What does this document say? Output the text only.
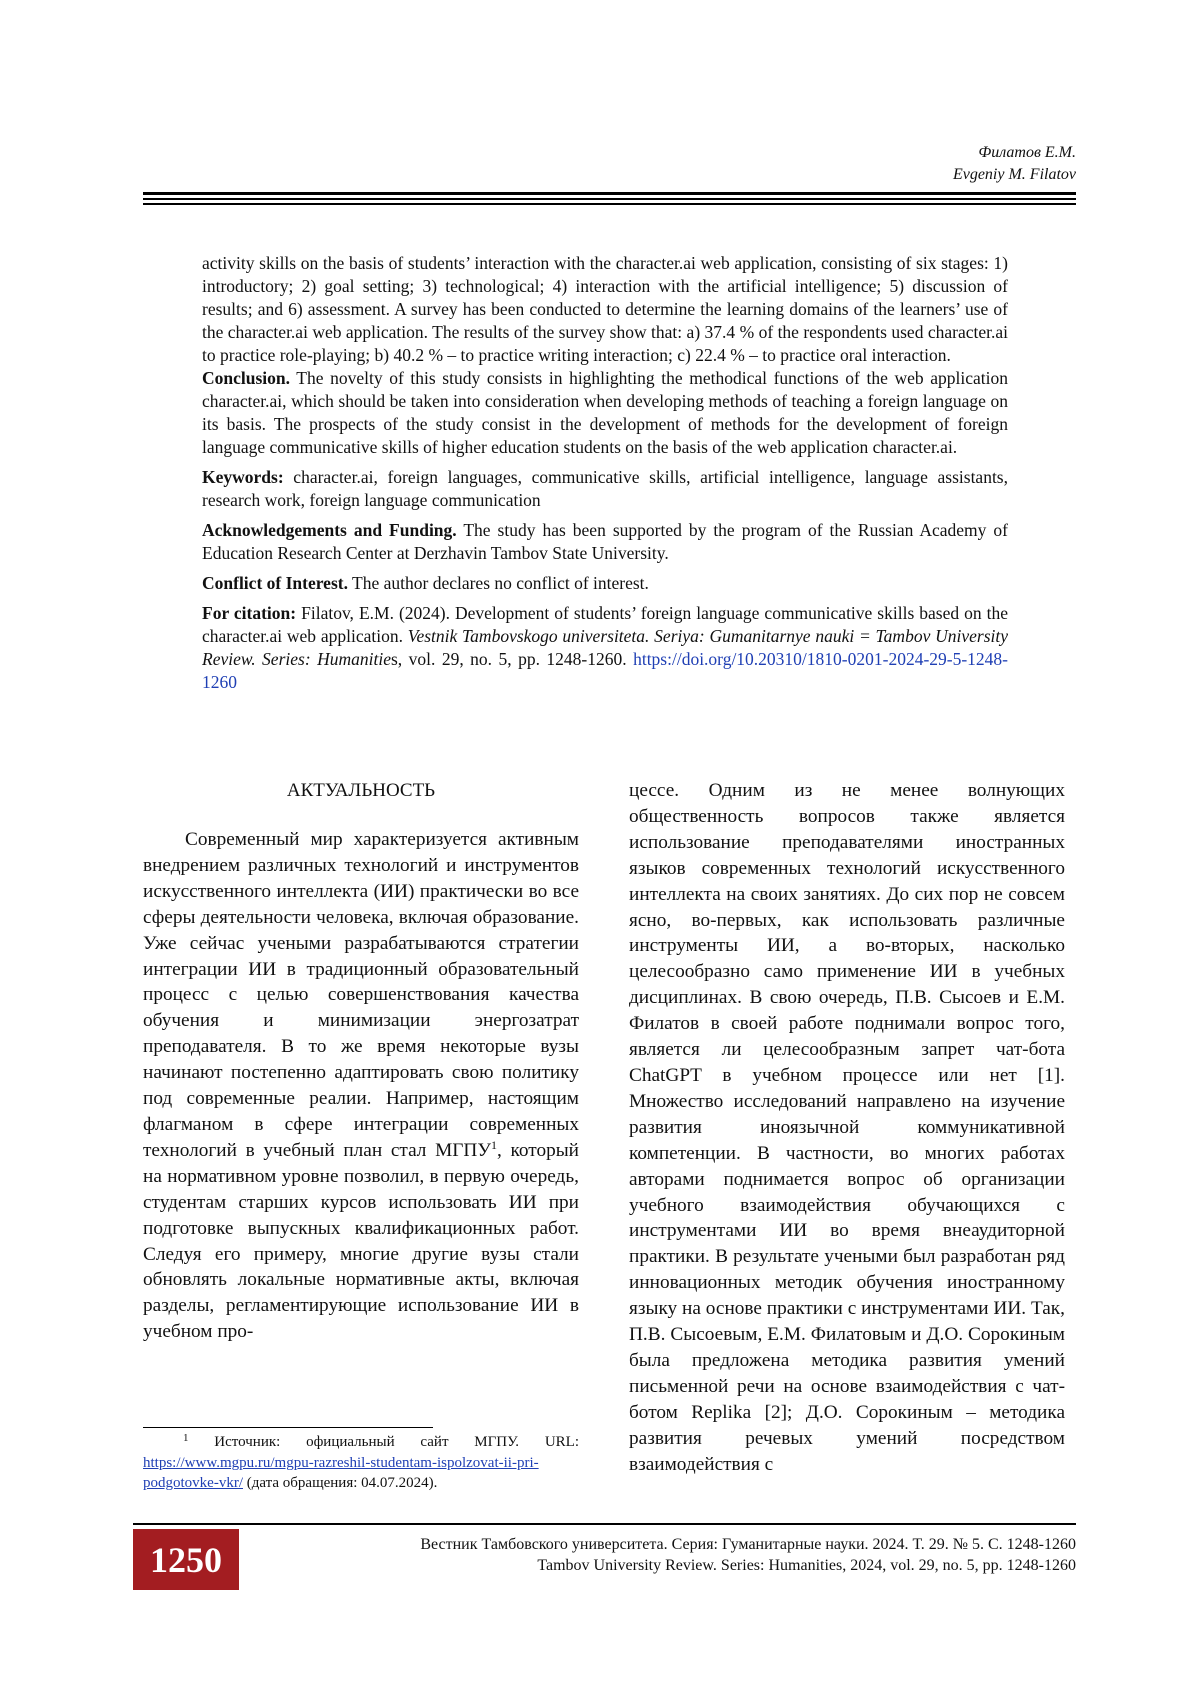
Филатов Е.М.
Evgeniy M. Filatov

activity skills on the basis of students’ interaction with the character.ai web application, consisting of six stages: 1) introductory; 2) goal setting; 3) technological; 4) interaction with the artificial intelligence; 5) discussion of results; and 6) assessment. A survey has been conducted to determine the learning domains of the learners’ use of the character.ai web application. The results of the survey show that: a) 37.4 % of the respondents used character.ai to practice role-playing; b) 40.2 % – to practice writing interaction; c) 22.4 % – to practice oral interaction.

Conclusion. The novelty of this study consists in highlighting the methodical functions of the web application character.ai, which should be taken into consideration when developing methods of teaching a foreign language on its basis. The prospects of the study consist in the development of methods for the development of foreign language communicative skills of higher education students on the basis of the web application character.ai.

Keywords: character.ai, foreign languages, communicative skills, artificial intelligence, language assistants, research work, foreign language communication

Acknowledgements and Funding. The study has been supported by the program of the Russian Academy of Education Research Center at Derzhavin Tambov State University.

Conflict of Interest. The author declares no conflict of interest.

For citation: Filatov, E.M. (2024). Development of students’ foreign language communicative skills based on the character.ai web application. Vestnik Tambovskogo universiteta. Seriya: Gumanitarnye nauki = Tambov University Review. Series: Humanities, vol. 29, no. 5, pp. 1248-1260. https://doi.org/10.20310/1810-0201-2024-29-5-1248-1260

АКТУАЛЬНОСТЬ

Современный мир характеризуется активным внедрением различных технологий и инструментов искусственного интеллекта (ИИ) практически во все сферы деятельности человека, включая образование. Уже сейчас учеными разрабатываются стратегии интеграции ИИ в традиционный образовательный процесс с целью совершенствования качества обучения и минимизации энергозатрат преподавателя. В то же время некоторые вузы начинают постепенно адаптировать свою политику под современные реалии. Например, настоящим флагманом в сфере интеграции современных технологий в учебный план стал МГПУ$^1$, который на нормативном уровне позволил, в первую очередь, студентам старших курсов использовать ИИ при подготовке выпускных квалификационных работ. Следуя его примеру, многие другие вузы стали обновлять локальные нормативные акты, включая разделы, регламентирующие использование ИИ в учебном про-

цессе. Одним из не менее волнующих общественность вопросов также является использование преподавателями иностранных языков современных технологий искусственного интеллекта на своих занятиях. До сих пор не совсем ясно, во-первых, как использовать различные инструменты ИИ, а во-вторых, насколько целесообразно само применение ИИ в учебных дисциплинах. В свою очередь, П.В. Сысоев и Е.М. Филатов в своей работе поднимали вопрос того, является ли целесообразным запрет чат-бота ChatGPT в учебном процессе или нет [1]. Множество исследований направлено на изучение развития иноязычной коммуникативной компетенции. В частности, во многих работах авторами поднимается вопрос об организации учебного взаимодействия обучающихся с инструментами ИИ во время внеаудиторной практики. В результате учеными был разработан ряд инновационных методик обучения иностранному языку на основе практики с инструментами ИИ. Так, П.В. Сысоевым, Е.М. Филатовым и Д.О. Сорокиным была предложена методика развития умений письменной речи на основе взаимодействия с чат-ботом Replika [2]; Д.О. Сорокиным – методика развития речевых умений посредством взаимодействия с

$^1$ Источник: официальный сайт МГПУ. URL: https://www.mgpu.ru/mgpu-razreshil-studentam-ispolzovat-ii-pri-podgotovke-vkr/ (дата обращения: 04.07.2024).

1250	Вестник Тамбовского университета. Серия: Гуманитарные науки. 2024. Т. 29. № 5. С. 1248-1260
Tambov University Review. Series: Humanities, 2024, vol. 29, no. 5, pp. 1248-1260
